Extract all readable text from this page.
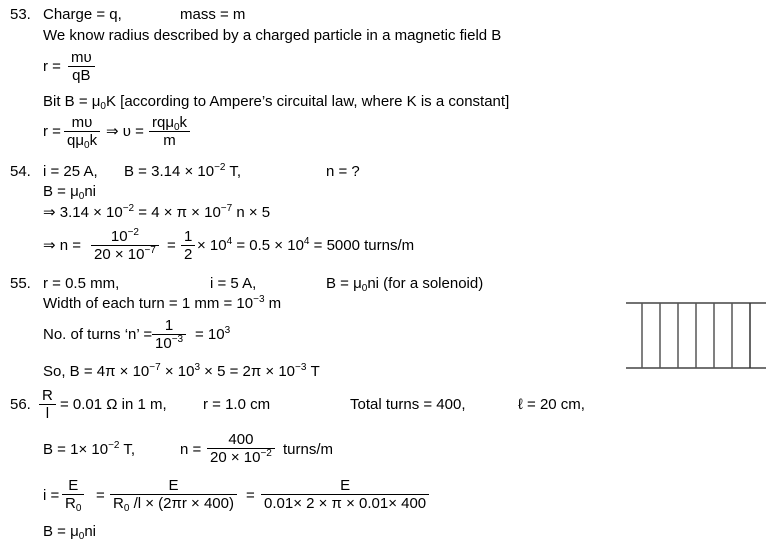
53. Charge = q,	mass = m
We know radius described by a charged particle in a magnetic field B
$r = \frac{m\upsilon}{qB}$
Bit $B = \mu_0K$ [according to Ampere’s circuital law, where K is a constant]
$r = \frac{m\upsilon}{q\mu_0k}$ ⇒ υ =
rqμ$_0$k
m
54. i = 25 A, $B = 3.14 \times 10^{-2}$ T,	n = ?
$B = \mu_0ni$
⇒ $3.14 \times 10^{-2} = 4 \times \pi \times 10^{-7}$ n × 5
⇒ $n = \frac{10^{-2}}{20 \times 10^{-7}} = \frac{1}{2} \times 10^4 = 0.5 \times 10^4 = 5000$ turns/m
55. r = 0.5 mm,	i = 5 A,	$B = \mu_0ni$ (for a solenoid)
Width of each turn = 1 mm = $10^{-3}$ m
No. of turns ‘n’ = $\frac{1}{10^{-3}} = 10^3$
So, $B = 4\pi \times 10^{-7} \times 10^3 \times 5 = 2\pi \times 10^{-3}$ T
56. $\frac{R}{l} = 0.01$ Ω in 1 m, r = 1.0 cm	Total turns = 400,	ℓ = 20 cm,
$B = 1\times 10^{-2}$ T,	$n = \frac{400}{20 \times 10^{-2}}$ turns/m
$i = \frac{E}{R_0} = \frac{E}{R_0 /l \times (2\pi r \times 400)} = \frac{E}{0.01\times 2 \times \pi \times 0.01\times 400}$
$B = \mu_0ni$
